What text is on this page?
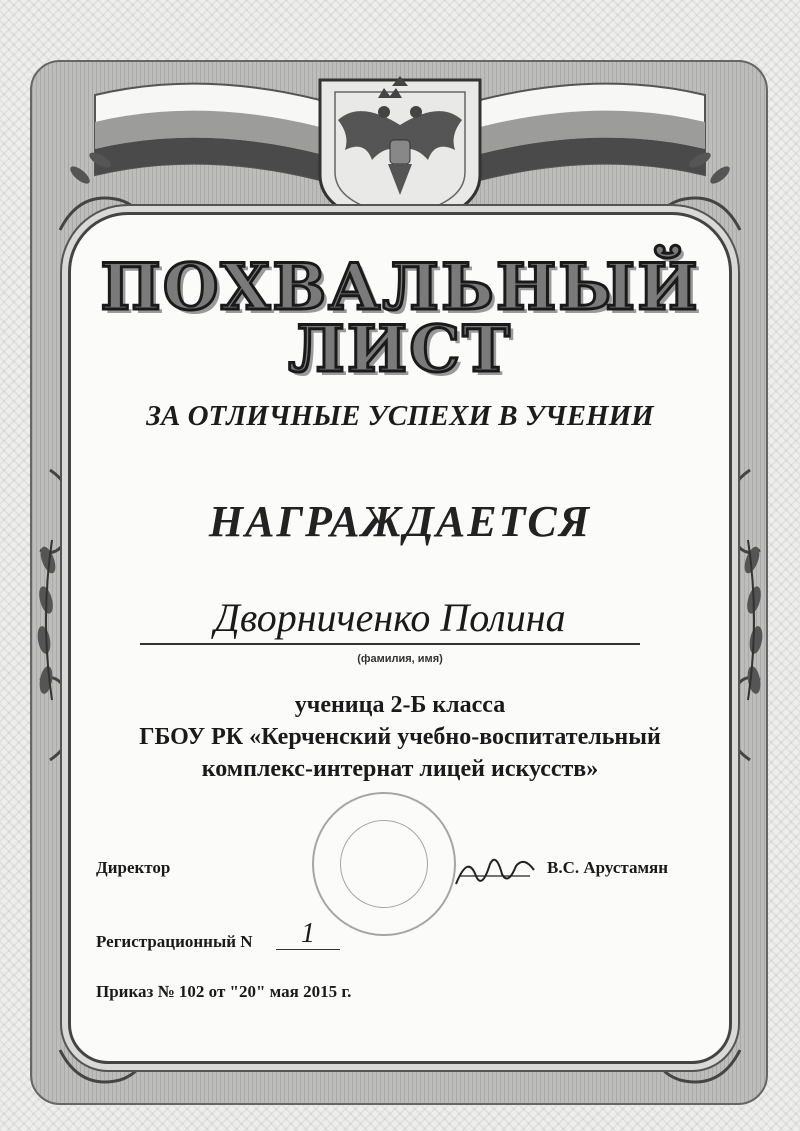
ПОХВАЛЬНЫЙ
ЛИСТ
ЗА ОТЛИЧНЫЕ УСПЕХИ В УЧЕНИИ
НАГРАЖДАЕТСЯ
Дворниченко Полина
(фамилия, имя)
ученица 2-Б класса
ГБОУ РК «Керченский учебно-воспитательный
комплекс-интернат лицей искусств»
Директор	В.С. Арустамян
Регистрационный N	1
Приказ № 102 от "20" мая 2015 г.
